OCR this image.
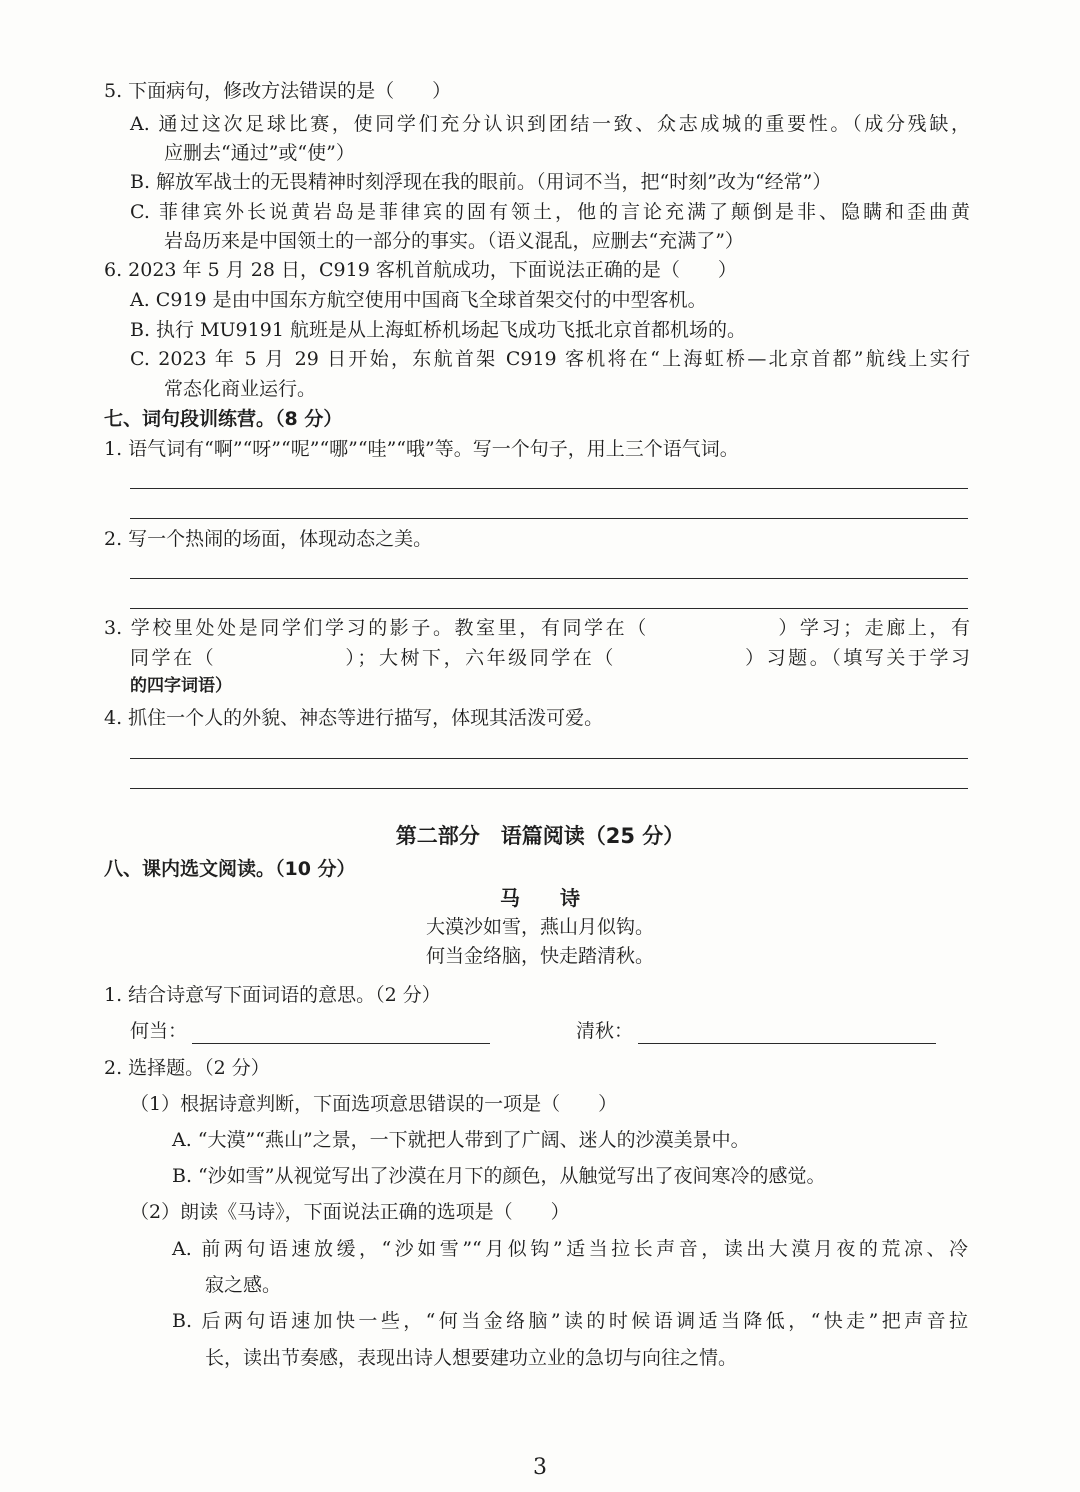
5. 下面病句，修改方法错误的是（　　）
A. 通过这次足球比赛，使同学们充分认识到团结一致、众志成城的重要性。（成分残缺，
应删去“通过”或“使”）
B. 解放军战士的无畏精神时刻浮现在我的眼前。（用词不当，把“时刻”改为“经常”）
C. 菲律宾外长说黄岩岛是菲律宾的固有领土，他的言论充满了颠倒是非、隐瞒和歪曲黄
岩岛历来是中国领土的一部分的事实。（语义混乱，应删去“充满了”）
6. 2023 年 5 月 28 日，C919 客机首航成功，下面说法正确的是（　　）
A. C919 是由中国东方航空使用中国商飞全球首架交付的中型客机。
B. 执行 MU9191 航班是从上海虹桥机场起飞成功飞抵北京首都机场的。
C. 2023 年 5 月 29 日开始，东航首架 C919 客机将在“上海虹桥—北京首都”航线上实行
常态化商业运行。
七、词句段训练营。（8 分）
1. 语气词有“啊”“呀”“呢”“哪”“哇”“哦”等。写一个句子，用上三个语气词。
2. 写一个热闹的场面，体现动态之美。
3. 学校里处处是同学们学习的影子。教室里，有同学在（　　　　　　）学习；走廊上，有
同学在（　　　　　　）；大树下，六年级同学在（　　　　　　）习题。（填写关于学习
的四字词语）
4. 抓住一个人的外貌、神态等进行描写，体现其活泼可爱。
第二部分　语篇阅读（25 分）
八、课内选文阅读。（10 分）
马　　诗
大漠沙如雪，燕山月似钩。
何当金络脑，快走踏清秋。
1. 结合诗意写下面词语的意思。（2 分）
何当：	清秋：
2. 选择题。（2 分）
（1）根据诗意判断，下面选项意思错误的一项是（　　）
A. “大漠”“燕山”之景，一下就把人带到了广阔、迷人的沙漠美景中。
B. “沙如雪”从视觉写出了沙漠在月下的颜色，从触觉写出了夜间寒冷的感觉。
（2）朗读《马诗》，下面说法正确的选项是（　　）
A. 前两句语速放缓，“沙如雪”“月似钩”适当拉长声音，读出大漠月夜的荒凉、冷
寂之感。
B. 后两句语速加快一些，“何当金络脑”读的时候语调适当降低，“快走”把声音拉
长，读出节奏感，表现出诗人想要建功立业的急切与向往之情。
3
